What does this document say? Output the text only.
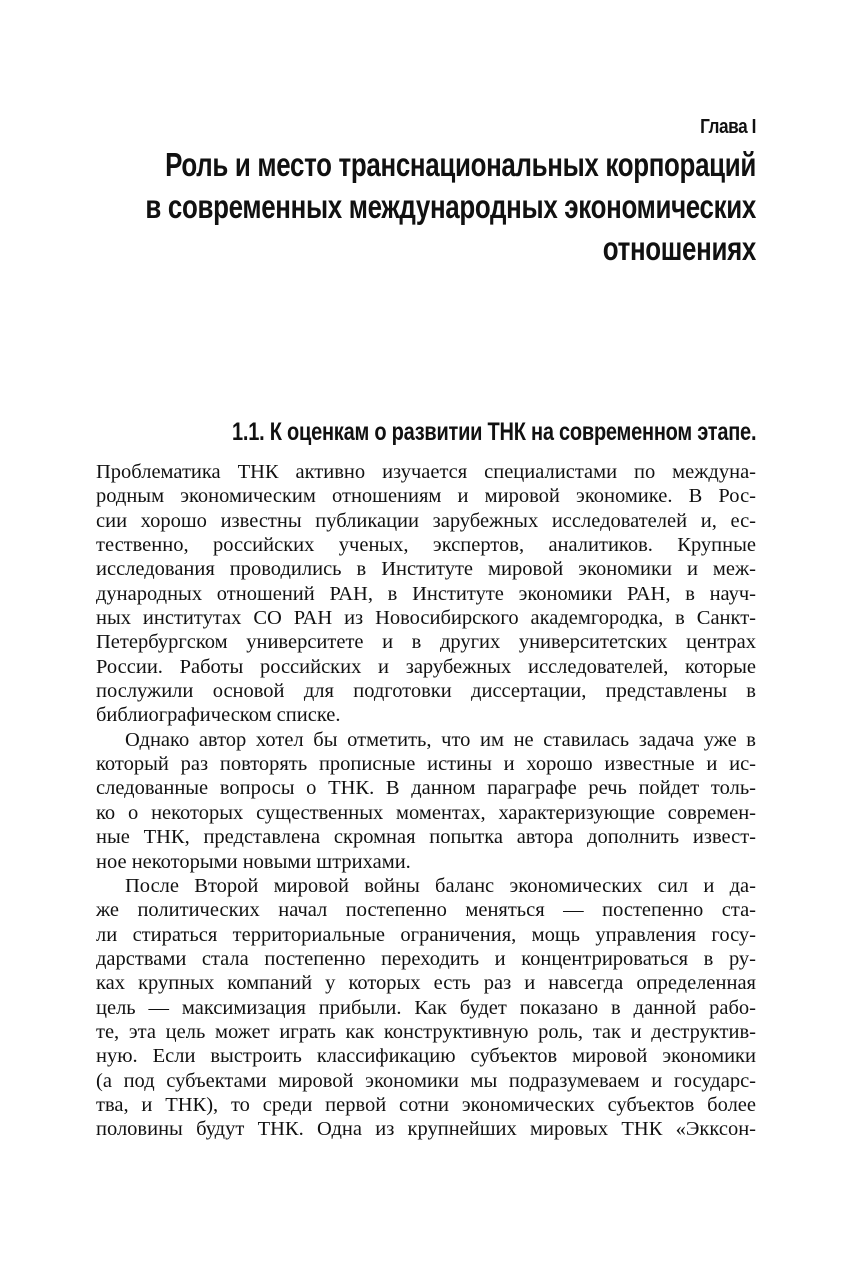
Глава I
Роль и место транснациональных корпораций
в современных международных экономических
отношениях
1.1. К оценкам о развитии ТНК на современном этапе.
Проблематика ТНК активно изучается специалистами по междуна-
родным экономическим отношениям и мировой экономике. В Рос-
сии хорошо известны публикации зарубежных исследователей и, ес-
тественно, российских ученых, экспертов, аналитиков. Крупные
исследования проводились в Институте мировой экономики и меж-
дународных отношений РАН, в Институте экономики РАН, в науч-
ных институтах СО РАН из Новосибирского академгородка, в Санкт-
Петербургском университете и в других университетских центрах
России. Работы российских и зарубежных исследователей, которые
послужили основой для подготовки диссертации, представлены в
библиографическом списке.
Однако автор хотел бы отметить, что им не ставилась задача уже в
который раз повторять прописные истины и хорошо известные и ис-
следованные вопросы о ТНК. В данном параграфе речь пойдет толь-
ко о некоторых существенных моментах, характеризующие современ-
ные ТНК, представлена скромная попытка автора дополнить извест-
ное некоторыми новыми штрихами.
После Второй мировой войны баланс экономических сил и да-
же политических начал постепенно меняться — постепенно ста-
ли стираться территориальные ограничения, мощь управления госу-
дарствами стала постепенно переходить и концентрироваться в ру-
ках крупных компаний у которых есть раз и навсегда определенная
цель — максимизация прибыли. Как будет показано в данной рабо-
те, эта цель может играть как конструктивную роль, так и деструктив-
ную. Если выстроить классификацию субъектов мировой экономики
(а под субъектами мировой экономики мы подразумеваем и государс-
тва, и ТНК), то среди первой сотни экономических субъектов более
половины будут ТНК. Одна из крупнейших мировых ТНК «Экксон-
